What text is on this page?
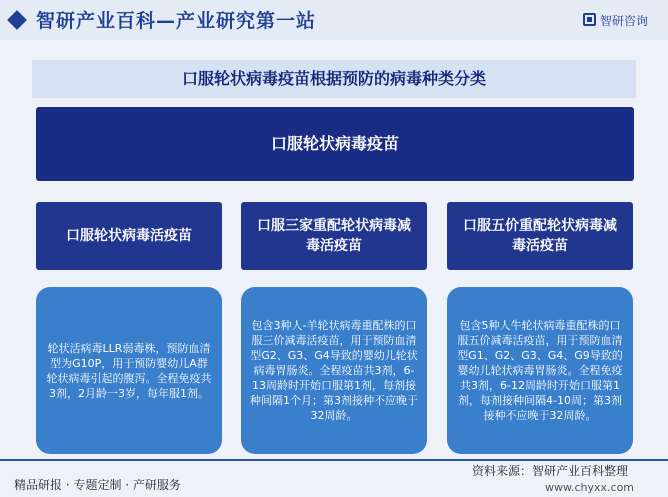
智研产业百科—产业研究第一站	智研咨询
口服轮状病毒疫苗根据预防的病毒种类分类
口服轮状病毒疫苗
口服轮状病毒活疫苗
口服三家重配轮状病毒减毒活疫苗
口服五价重配轮状病毒减毒活疫苗
轮状活病毒LLR弱毒株，预防血清型为G10P，用于预防婴幼儿A群轮状病毒引起的腹泻。全程免疫共3剂，2月龄一3岁，每年服1剂。
包含3种人-羊轮状病毒重配株的口服三价减毒活疫苗，用于预防血清型G2、G3、G4导致的婴幼儿轮状病毒胃肠炎。全程疫苗共3剂，6-13周龄时开始口服第1剂，每剂接种间隔1个月；第3剂接种不应晚于32周龄。
包含5种人牛轮状病毒重配株的口服五价减毒活疫苗，用于预防血清型G1、G2、G3、G4、G9导致的婴幼儿轮状病毒胃肠炎。全程免疫共3剂，6-12周龄时开始口服第1剂，每剂接种间隔4-10周；第3剂接种不应晚于32周龄。
精品研报 · 专题定制 · 产研服务
资料来源：智研产业百科整理
www.chyxx.com
